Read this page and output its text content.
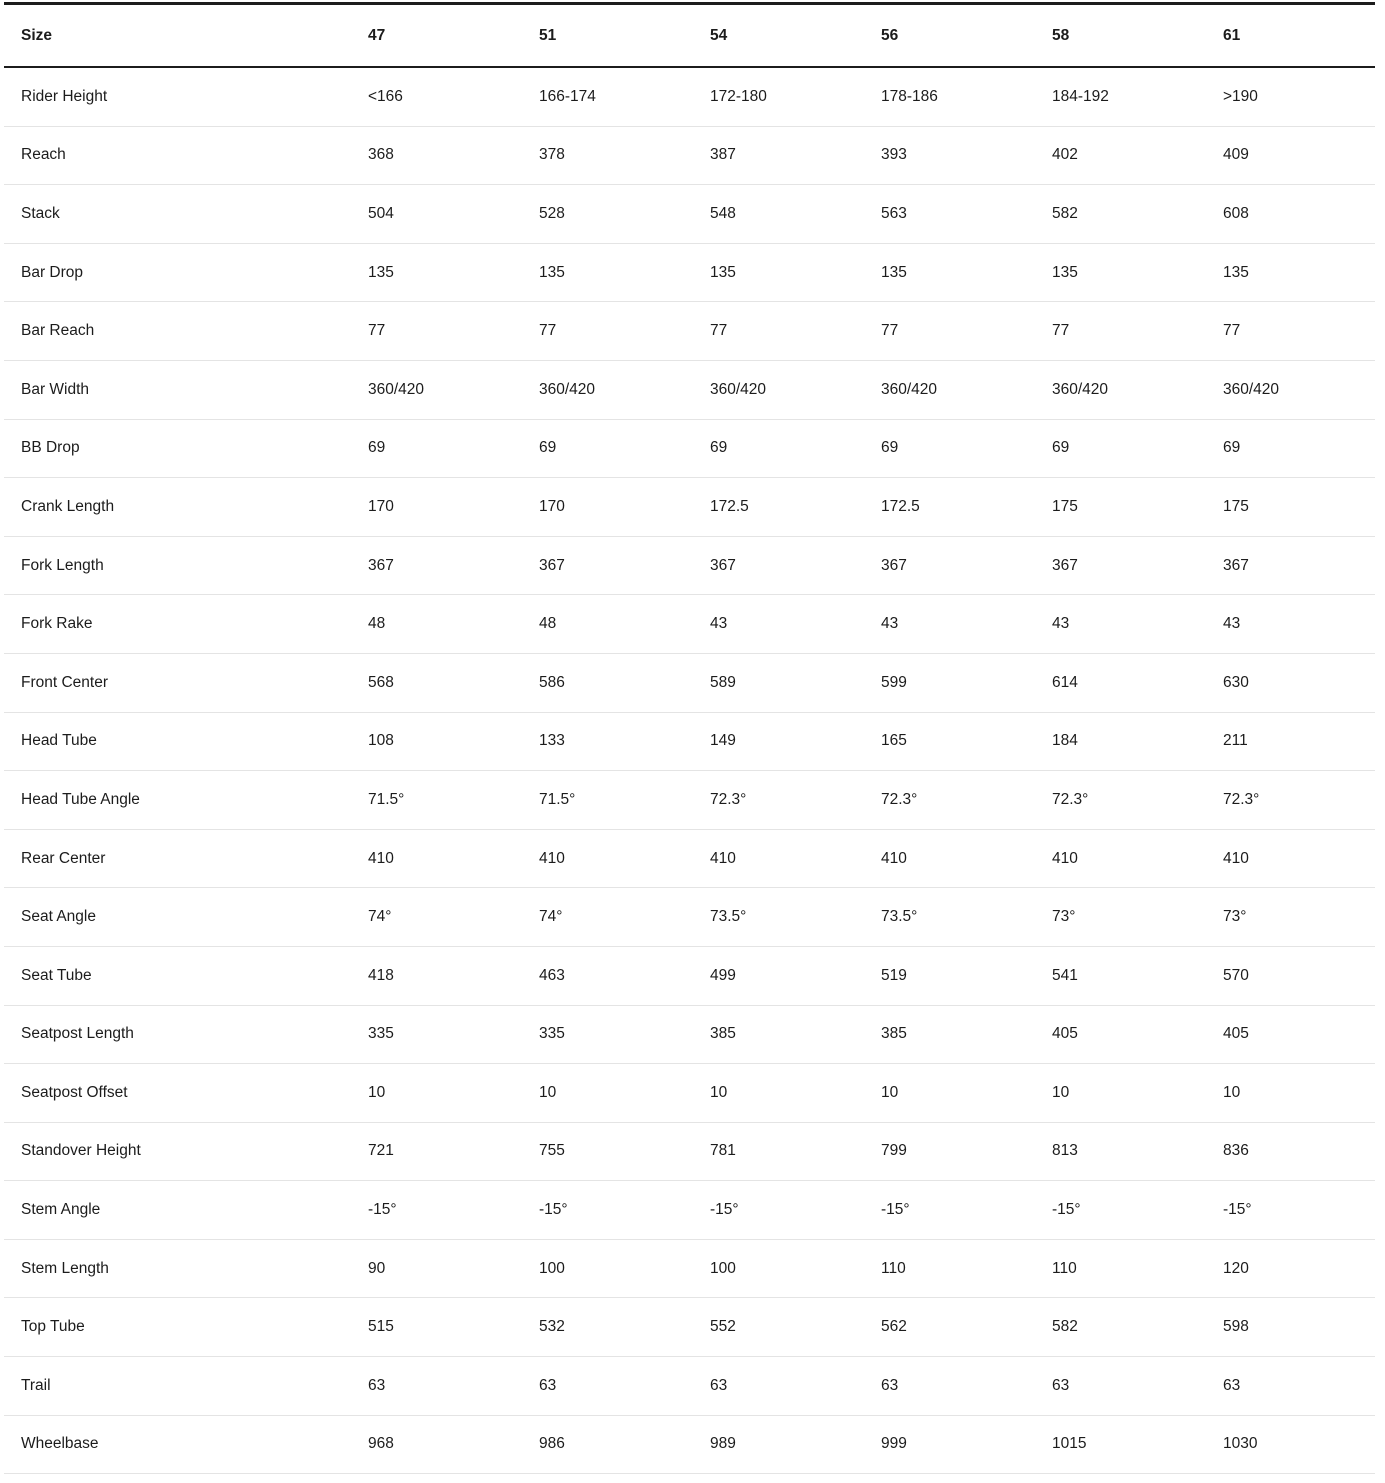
Size	47	51	54	56	58	61
Rider Height	<166	166-174	172-180	178-186	184-192	>190
Reach	368	378	387	393	402	409
Stack	504	528	548	563	582	608
Bar Drop	135	135	135	135	135	135
Bar Reach	77	77	77	77	77	77
Bar Width	360/420	360/420	360/420	360/420	360/420	360/420
BB Drop	69	69	69	69	69	69
Crank Length	170	170	172.5	172.5	175	175
Fork Length	367	367	367	367	367	367
Fork Rake	48	48	43	43	43	43
Front Center	568	586	589	599	614	630
Head Tube	108	133	149	165	184	211
Head Tube Angle	71.5°	71.5°	72.3°	72.3°	72.3°	72.3°
Rear Center	410	410	410	410	410	410
Seat Angle	74°	74°	73.5°	73.5°	73°	73°
Seat Tube	418	463	499	519	541	570
Seatpost Length	335	335	385	385	405	405
Seatpost Offset	10	10	10	10	10	10
Standover Height	721	755	781	799	813	836
Stem Angle	-15°	-15°	-15°	-15°	-15°	-15°
Stem Length	90	100	100	110	110	120
Top Tube	515	532	552	562	582	598
Trail	63	63	63	63	63	63
Wheelbase	968	986	989	999	1015	1030
